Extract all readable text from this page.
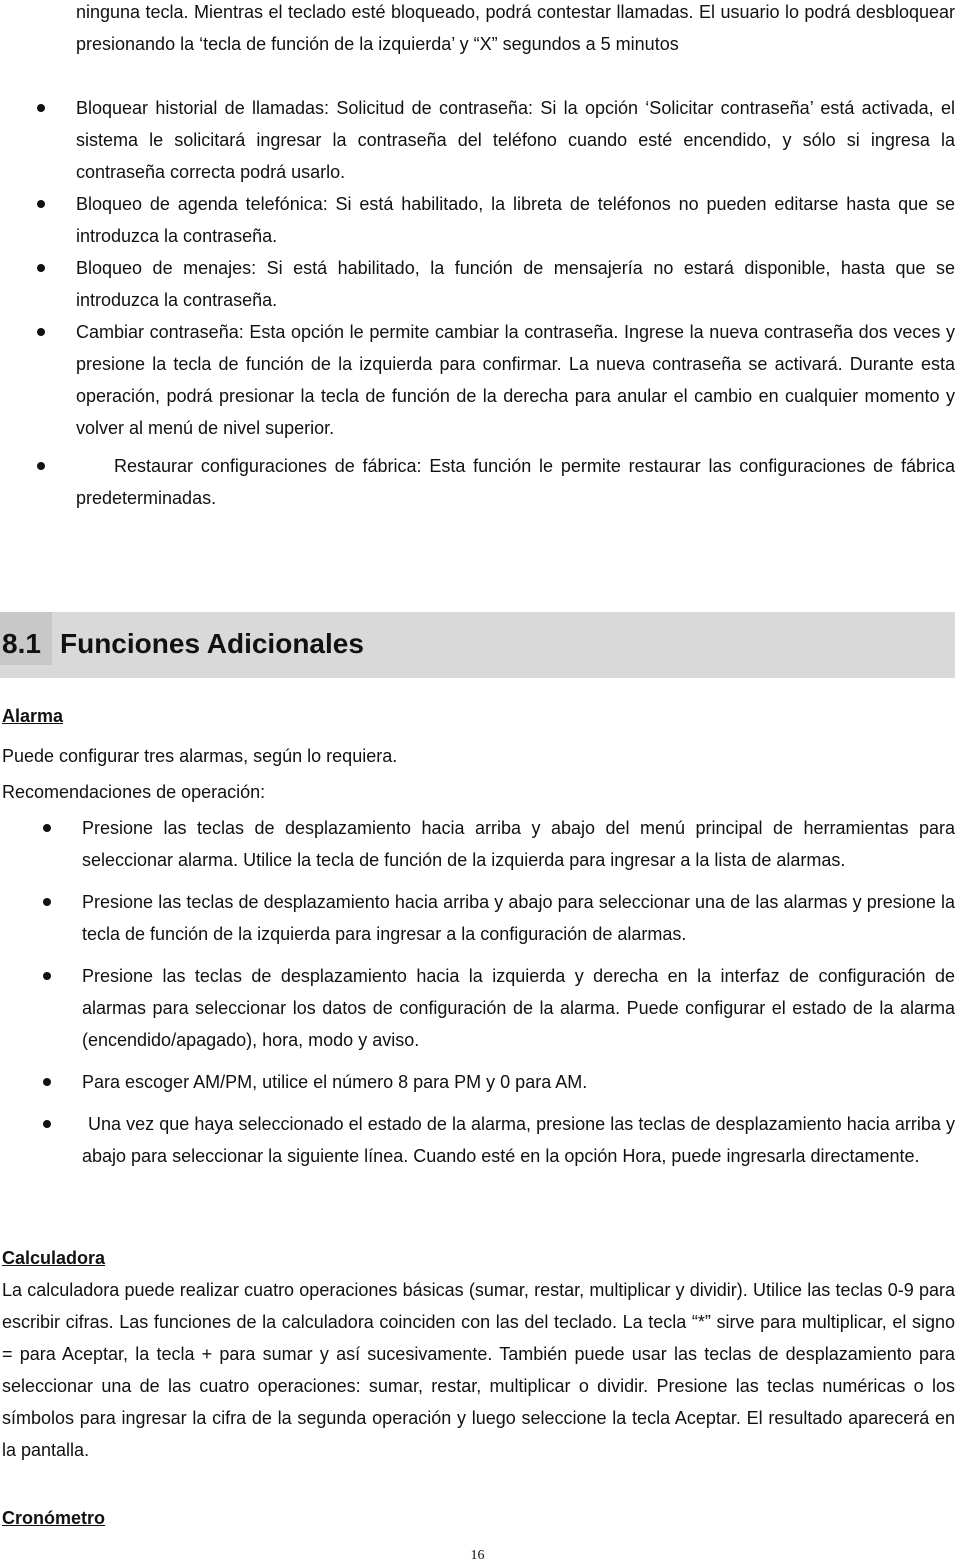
ninguna tecla. Mientras el teclado esté bloqueado, podrá contestar llamadas. El usuario lo podrá desbloquear presionando la ‘tecla de función de la izquierda’ y “X” segundos a 5 minutos

Bloquear historial de llamadas: Solicitud de contraseña: Si la opción ‘Solicitar contraseña’ está activada, el sistema le solicitará ingresar la contraseña del teléfono cuando esté encendido, y sólo si ingresa la contraseña correcta podrá usarlo.
Bloqueo de agenda telefónica: Si está habilitado, la libreta de teléfonos no pueden editarse hasta que se introduzca la contraseña.
Bloqueo de menajes: Si está habilitado, la función de mensajería no estará disponible, hasta que se introduzca la contraseña.
Cambiar contraseña: Esta opción le permite cambiar la contraseña. Ingrese la nueva contraseña dos veces y presione la tecla de función de la izquierda para confirmar. La nueva contraseña se activará. Durante esta operación, podrá presionar la tecla de función de la derecha para anular el cambio en cualquier momento y volver al menú de nivel superior.
Restaurar configuraciones de fábrica: Esta función le permite restaurar las configuraciones de fábrica predeterminadas.
8.1 Funciones Adicionales
Alarma

Puede configurar tres alarmas, según lo requiera.

Recomendaciones de operación:

Presione las teclas de desplazamiento hacia arriba y abajo del menú principal de herramientas para seleccionar alarma. Utilice la tecla de función de la izquierda para ingresar a la lista de alarmas.
Presione las teclas de desplazamiento hacia arriba y abajo para seleccionar una de las alarmas y presione la tecla de función de la izquierda para ingresar a la configuración de alarmas.
Presione las teclas de desplazamiento hacia la izquierda y derecha en la interfaz de configuración de alarmas para seleccionar los datos de configuración de la alarma. Puede configurar el estado de la alarma (encendido/apagado), hora, modo y aviso.
Para escoger AM/PM, utilice el número 8 para PM y 0 para AM.
Una vez que haya seleccionado el estado de la alarma, presione las teclas de desplazamiento hacia arriba y abajo para seleccionar la siguiente línea. Cuando esté en la opción Hora, puede ingresarla directamente.
Calculadora

La calculadora puede realizar cuatro operaciones básicas (sumar, restar, multiplicar y dividir). Utilice las teclas 0-9 para escribir cifras. Las funciones de la calculadora coinciden con las del teclado. La tecla “*” sirve para multiplicar, el signo = para Aceptar, la tecla + para sumar y así sucesivamente. También puede usar las teclas de desplazamiento para seleccionar una de las cuatro operaciones: sumar, restar, multiplicar o dividir. Presione las teclas numéricas o los símbolos para ingresar la cifra de la segunda operación y luego seleccione la tecla Aceptar. El resultado aparecerá en la pantalla.

Cronómetro
16
